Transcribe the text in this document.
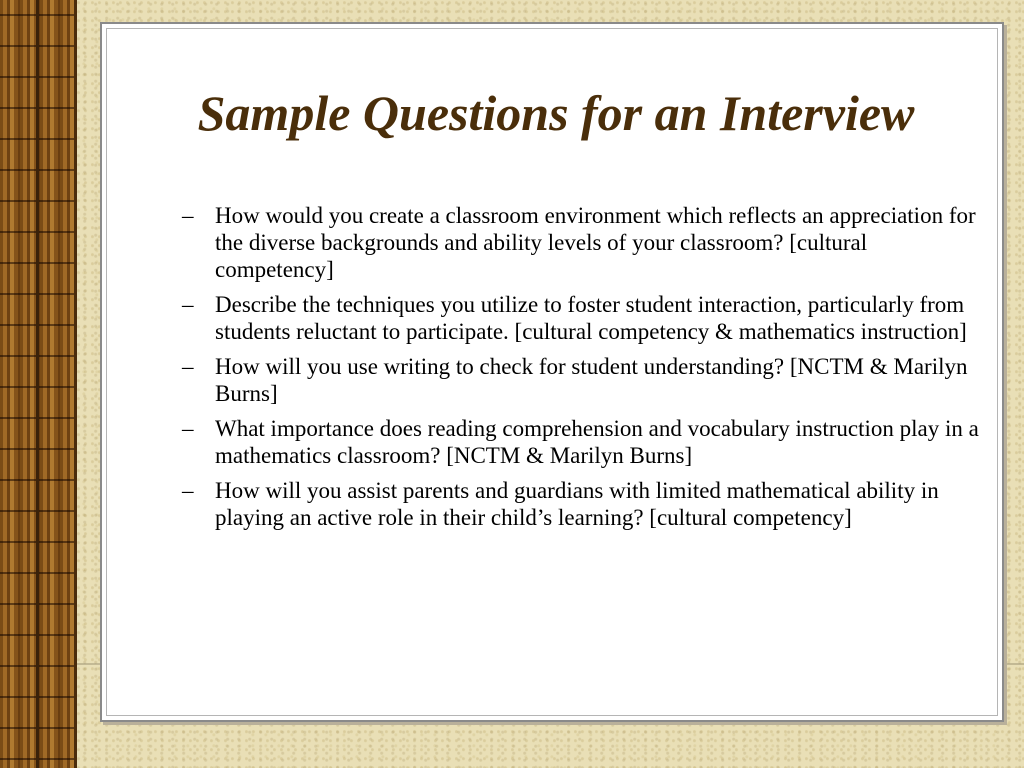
Sample Questions for an Interview
– How would you create a classroom environment which reflects an appreciation for the diverse backgrounds and ability levels of your classroom? [cultural competency]
– Describe the techniques you utilize to foster student interaction, particularly from students reluctant to participate. [cultural competency & mathematics instruction]
– How will you use writing to check for student understanding? [NCTM & Marilyn Burns]
– What importance does reading comprehension and vocabulary instruction play in a mathematics classroom? [NCTM & Marilyn Burns]
– How will you assist parents and guardians with limited mathematical ability in playing an active role in their child’s learning? [cultural competency]
